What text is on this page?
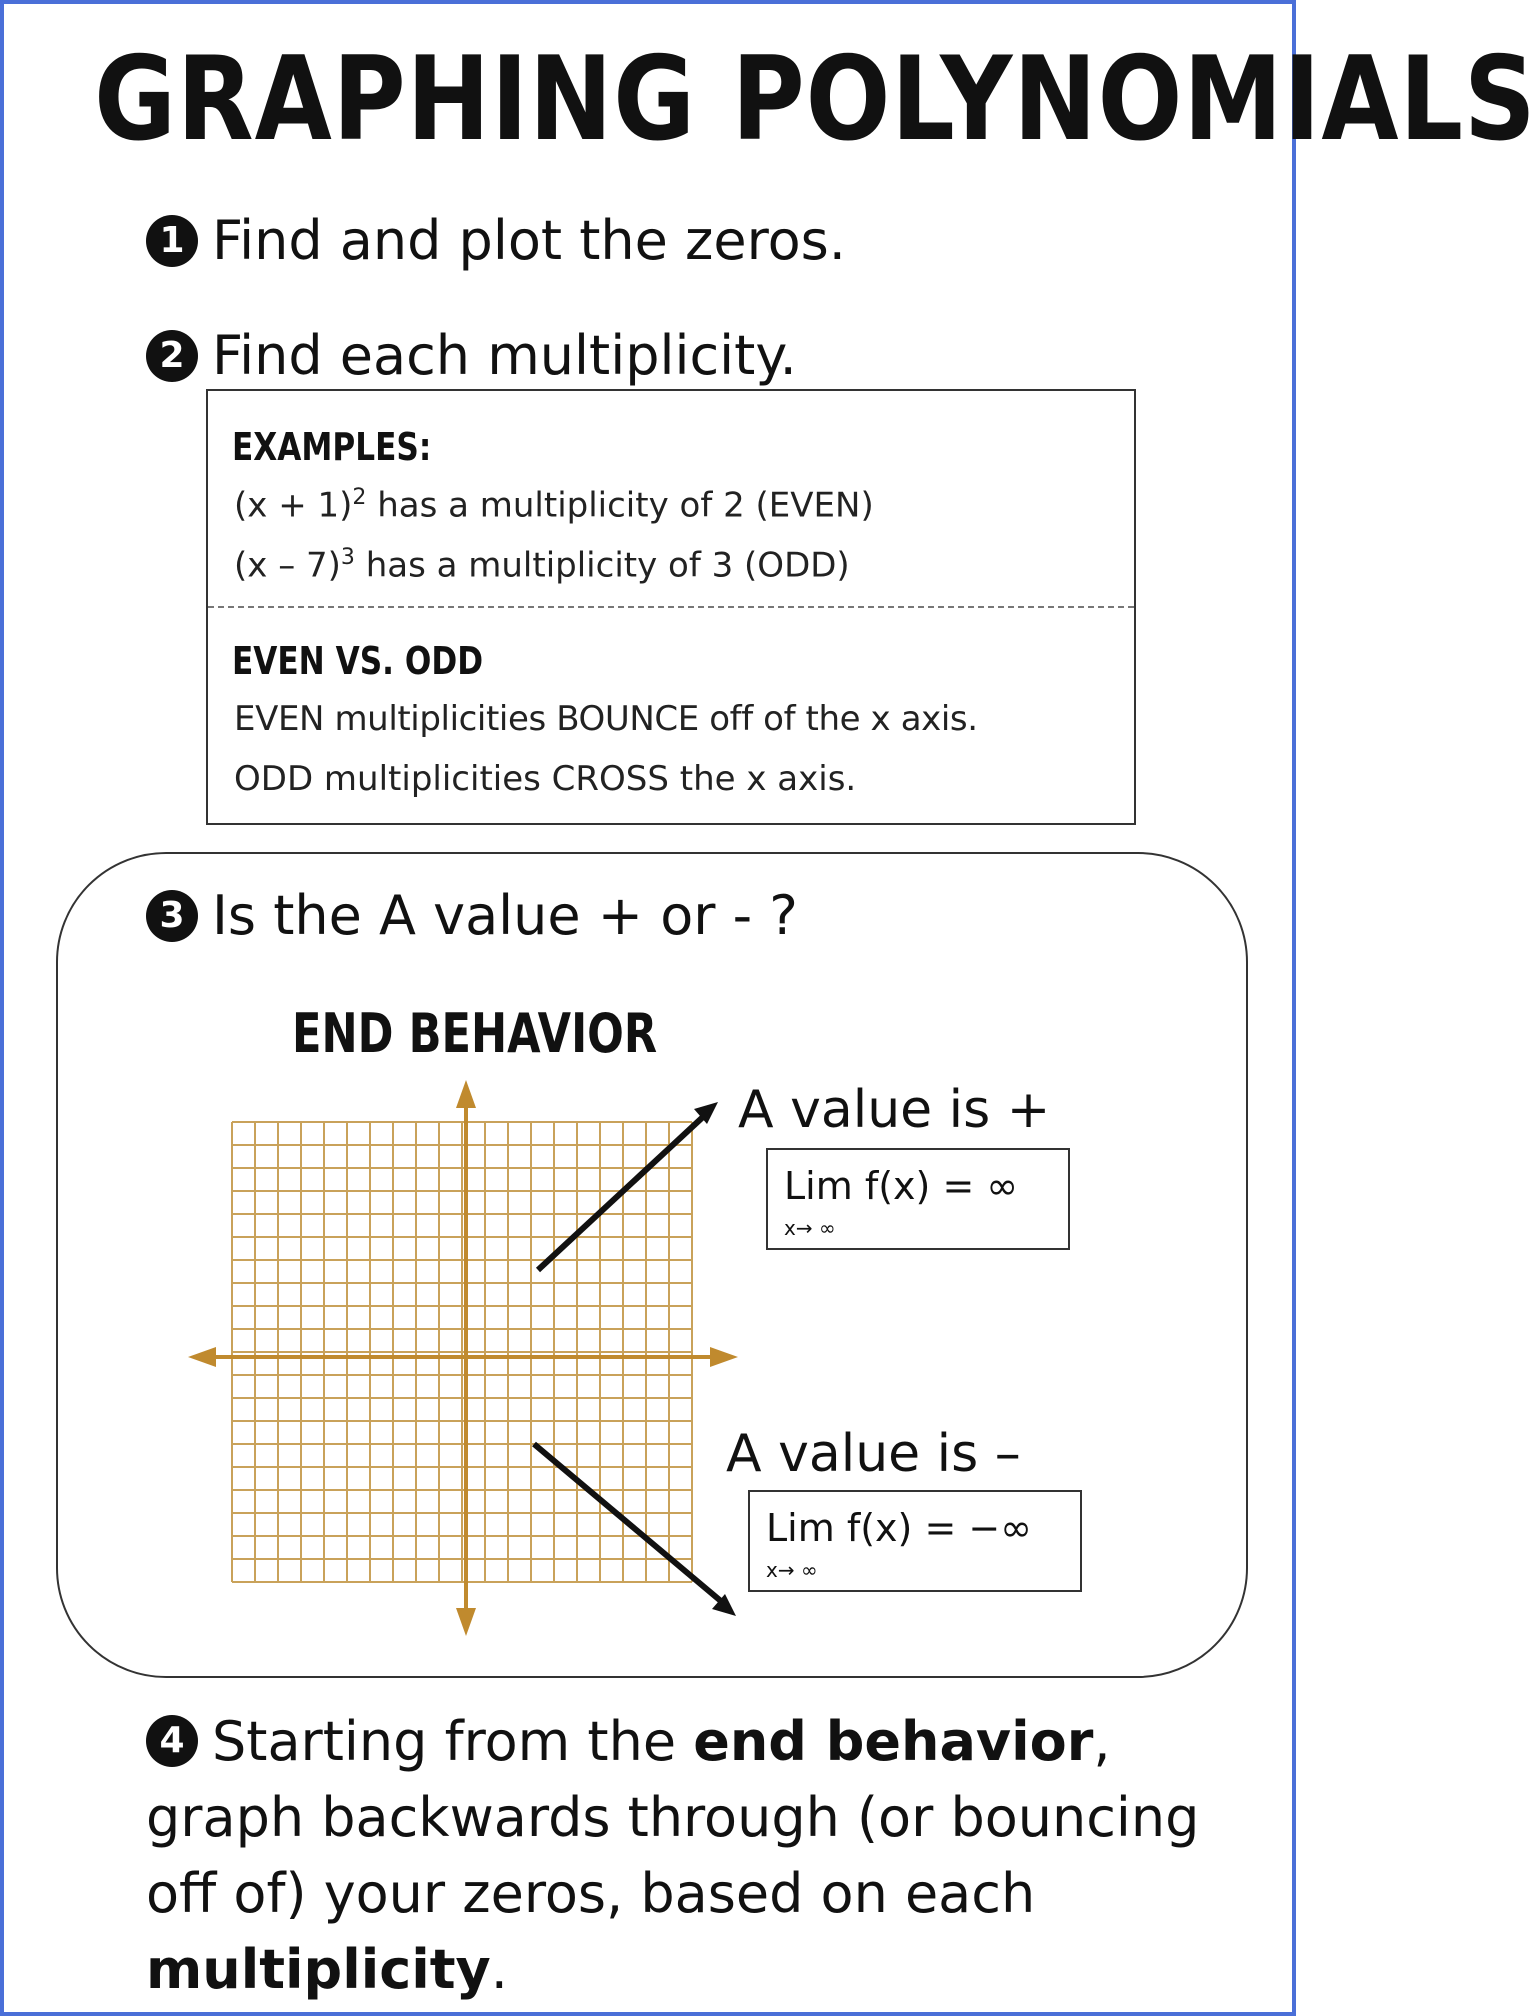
GRAPHING POLYNOMIALS
1 Find and plot the zeros.
2 Find each multiplicity.
EXAMPLES:
$(x + 1)^2$ has a multiplicity of 2 (EVEN)
(x – 7)$^3$ has a multiplicity of 3 (ODD)
EVEN VS. ODD
EVEN multiplicities BOUNCE off of the x axis.
ODD multiplicities CROSS the x axis.
3 Is the A value + or - ?
END BEHAVIOR
A value is +
Lim f(x) = ∞
x→ ∞
A value is –
Lim f(x) = −∞
x→ ∞
4 Starting from the end behavior, graph backwards through (or bouncing off of) your zeros, based on each multiplicity.
